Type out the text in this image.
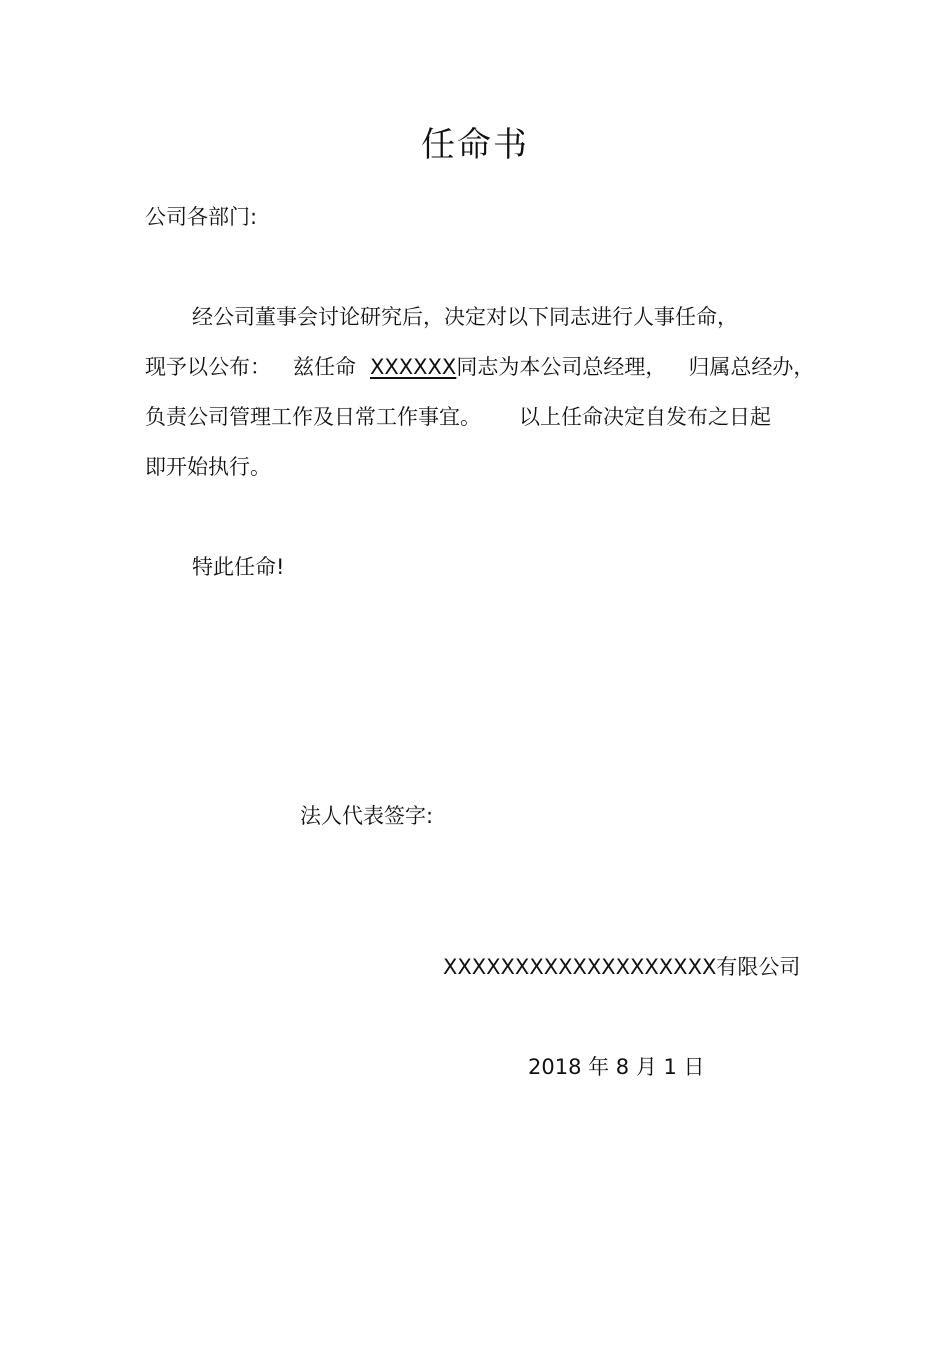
任命书
公司各部门:
经公司董事会讨论研究后，决定对以下同志进行人事任命，
现予以公布： 兹任命 XXXXXX同志为本公司总经理， 归属总经办，
负责公司管理工作及日常工作事宜。 以上任命决定自发布之日起
即开始执行。
特此任命!
法人代表签字:
XXXXXXXXXXXXXXXXXXX有限公司
2018 年 8 月 1 日
